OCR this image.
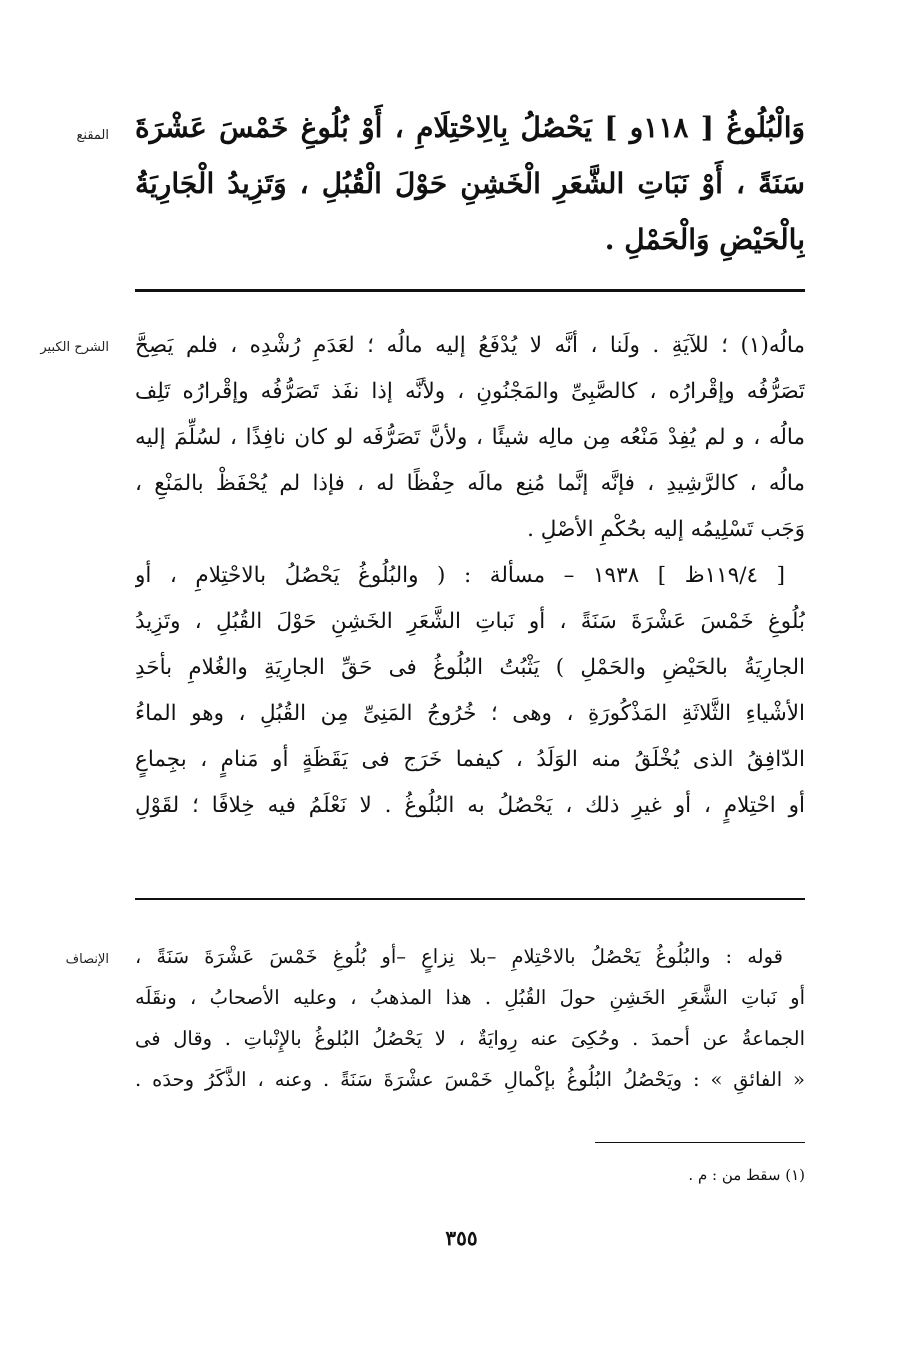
المقنع وَالْبُلُوغُ [ ١١٨و ] يَحْصُلُ بِالِاحْتِلَامِ ، أَوْ بُلُوغِ خَمْسَ عَشْرَةَ
سَنَةً ، أَوْ نَبَاتِ الشَّعَرِ الْخَشِنِ حَوْلَ الْقُبُلِ ، وَتَزِيدُ الْجَارِيَةُ
بِالْحَيْضِ وَالْحَمْلِ .
الشرح الكبير مالُه(١) ؛ للآيَةِ . ولَنا ، أنَّه لا يُدْفَعُ إليه مالُه ؛ لعَدَمِ رُشْدِه ، فلم يَصِحَّ
تَصَرُّفُه وإقْرارُه ، كالصَّبِىِّ والمَجْنُونِ ، ولأنَّه إذا نفَذ تَصَرُّفُه وإقْرارُه تَلِف
مالُه ، و لم يُفِدْ مَنْعُه مِن مالِه شيئًا ، ولأنَّ تَصَرُّفَه لو كان نافِذًا ، لسُلِّمَ إليه
مالُه ، كالرَّشِيدِ ، فإنَّه إنَّما مُنِع مالَه حِفْظًا له ، فإذا لم يُحْفَظْ بالمَنْعِ ،
وَجَب تَسْلِيمُه إليه بحُكْمِ الأصْلِ .
[ ١١٩/٤ظ ] ١٩٣٨ – مسألة : ( والبُلُوغُ يَحْصُلُ بالاحْتِلامِ ، أو
بُلُوغِ خَمْسَ عَشْرَةَ سَنَةً ، أو نَباتِ الشَّعَرِ الخَشِنِ حَوْلَ القُبُلِ ، وتَزِيدُ
الجارِيَةُ بالحَيْضِ والحَمْلِ ) يَثْبُتُ البُلُوغُ فى حَقِّ الجارِيَةِ والغُلامِ بأحَدِ
الأشْياءِ الثَّلاثَةِ المَذْكُورَةِ ، وهى ؛ خُرُوجُ المَنِىِّ مِن القُبُلِ ، وهو الماءُ
الدّافِقُ الذى يُخْلَقُ منه الوَلَدُ ، كيفما خَرَج فى يَقَظَةٍ أو مَنامٍ ، بجِماعٍ
أو احْتِلامٍ ، أو غيرِ ذلك ، يَحْصُلُ به البُلُوغُ . لا نَعْلَمُ فيه خِلافًا ؛ لقَوْلِ
الإنصاف قوله : والبُلُوغُ يَحْصُلُ بالاحْتِلامِ –بلا نِزاعٍ –أو بُلُوغِ خَمْسَ عَشْرَةَ سَنَةً ،
أو نَباتِ الشَّعَرِ الخَشِنِ حولَ القُبُلِ . هذا المذهبُ ، وعليه الأصحابُ ، ونقَلَه
الجماعةُ عن أحمدَ . وحُكِىَ عنه رِوايَةٌ ، لا يَحْصُلُ البُلوغُ بالإِنْباتِ . وقال فى
« الفائقِ » : ويَحْصُلُ البُلُوغُ بإكْمالِ خَمْسَ عشْرَةَ سَنَةً . وعنه ، الذَّكَرُ وحدَه .
(١) سقط من : م .
٣٥٥
